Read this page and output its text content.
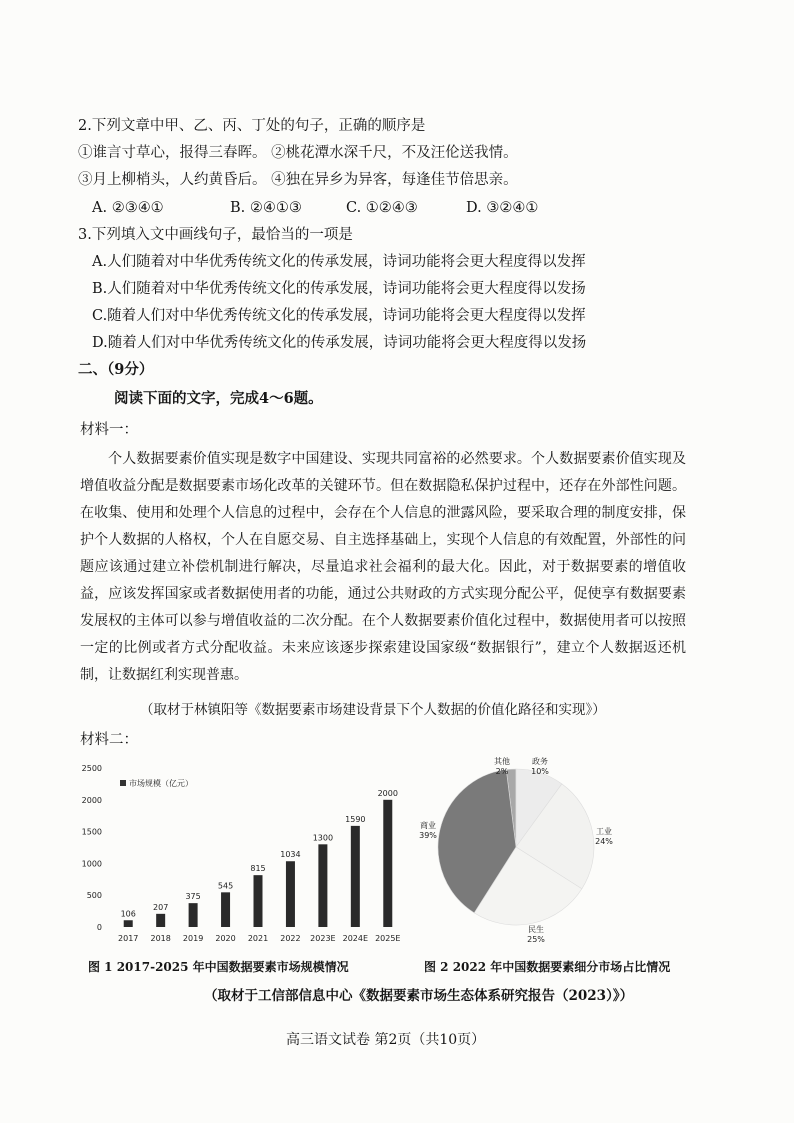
2.下列文章中甲、乙、丙、丁处的句子，正确的顺序是
①谁言寸草心，报得三春晖。 ②桃花潭水深千尺，不及汪伦送我情。
③月上柳梢头，人约黄昏后。 ④独在异乡为异客，每逢佳节倍思亲。
A. ②③④①	B. ②④①③	C. ①②④③	D. ③②④①
3.下列填入文中画线句子，最恰当的一项是
A.人们随着对中华优秀传统文化的传承发展，诗词功能将会更大程度得以发挥
B.人们随着对中华优秀传统文化的传承发展，诗词功能将会更大程度得以发扬
C.随着人们对中华优秀传统文化的传承发展，诗词功能将会更大程度得以发挥
D.随着人们对中华优秀传统文化的传承发展，诗词功能将会更大程度得以发扬
二、（9分）
阅读下面的文字，完成4～6题。
材料一：
个人数据要素价值实现是数字中国建设、实现共同富裕的必然要求。个人数据要素价值实现及增值收益分配是数据要素市场化改革的关键环节。但在数据隐私保护过程中，还存在外部性问题。在收集、使用和处理个人信息的过程中，会存在个人信息的泄露风险，要采取合理的制度安排，保护个人数据的人格权，个人在自愿交易、自主选择基础上，实现个人信息的有效配置，外部性的问题应该通过建立补偿机制进行解决，尽量追求社会福利的最大化。因此，对于数据要素的增值收益，应该发挥国家或者数据使用者的功能，通过公共财政的方式实现分配公平，促使享有数据要素发展权的主体可以参与增值收益的二次分配。在个人数据要素价值化过程中，数据使用者可以按照一定的比例或者方式分配收益。未来应该逐步探索建设国家级“数据银行”，建立个人数据返还机制，让数据红利实现普惠。
（取材于林镇阳等《数据要素市场建设背景下个人数据的价值化路径和实现》）
材料二：
0
500
1000
1500
2000
2500
106
207
375
545
815
1034
1300
1590
2000
2017 2018 2019 2020 2021 2022 2023E 2024E 2025E
市场规模（亿元）
其他
2%
政务
10%
工业
24%
民生
25%
商业
39%
图 1 2017-2025 年中国数据要素市场规模情况	图 2 2022 年中国数据要素细分市场占比情况
（取材于工信部信息中心《数据要素市场生态体系研究报告（2023）》）
高三语文试卷 第2页（共10页）
